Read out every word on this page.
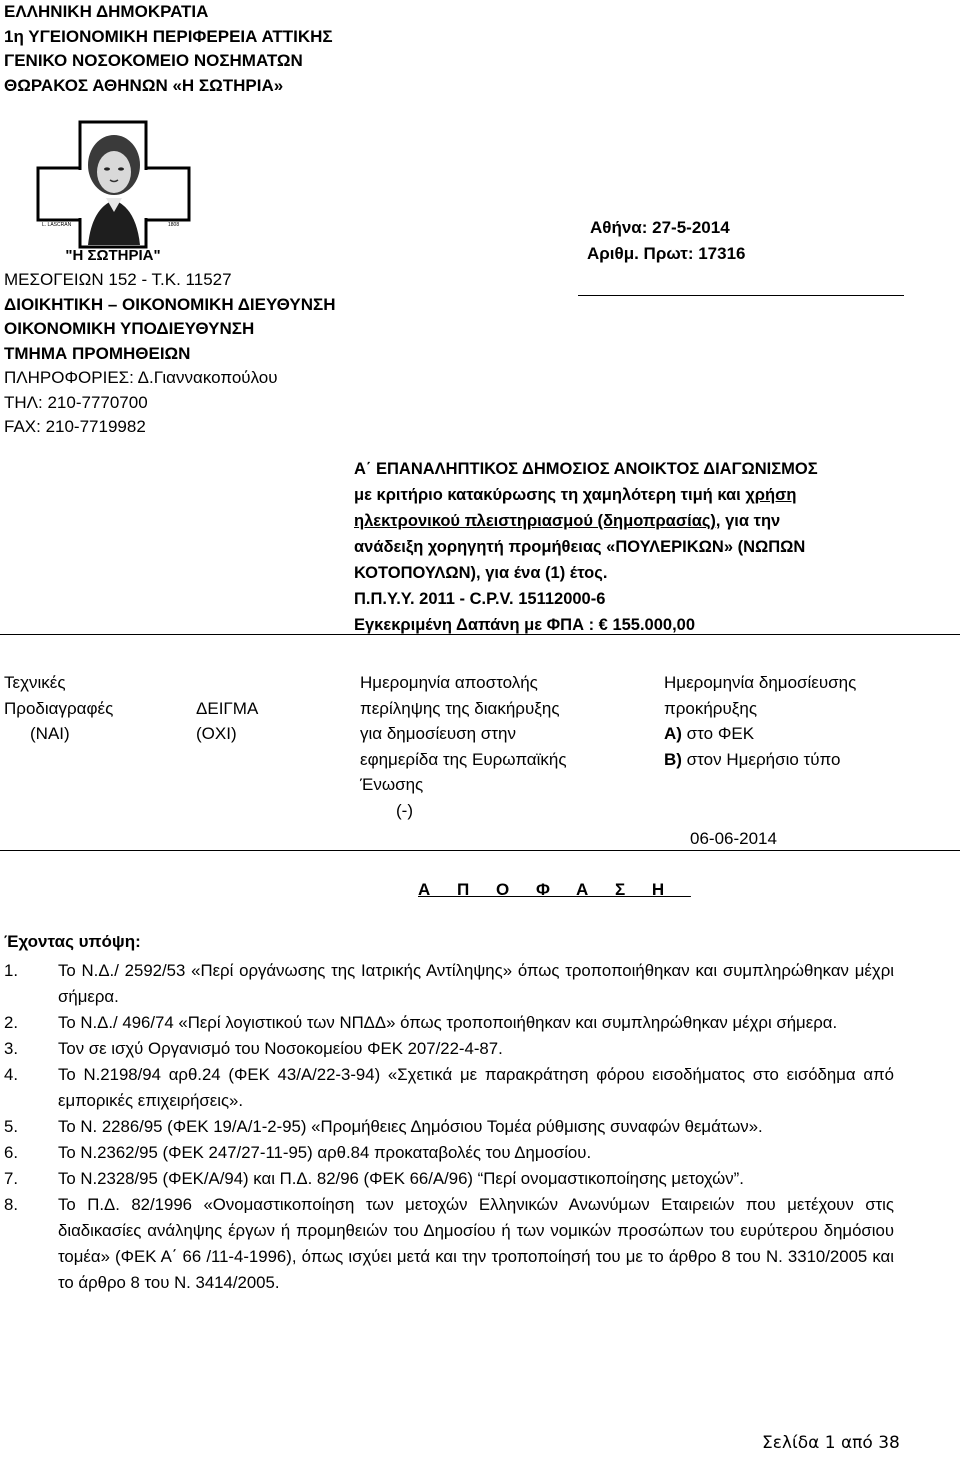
ΕΛΛΗΝΙΚΗ ΔΗΜΟΚΡΑΤΙΑ
1η ΥΓΕΙΟΝΟΜΙΚΗ ΠΕΡΙΦΕΡΕΙΑ ΑΤΤΙΚΗΣ
ΓΕΝΙΚΟ ΝΟΣΟΚΟΜΕΙΟ ΝΟΣΗΜΑΤΩΝ
ΘΩΡΑΚΟΣ ΑΘΗΝΩΝ «Η ΣΩΤΗΡΙΑ»
L. LASCRAN	1808
"Η ΣΩΤΗΡΙΑ"
ΜΕΣΟΓΕΙΩΝ 152 - Τ.Κ. 11527
ΔΙΟΙΚΗΤΙΚΗ – ΟΙΚΟΝΟΜΙΚΗ ΔΙΕΥΘΥΝΣΗ
ΟΙΚΟΝΟΜΙΚΗ ΥΠΟΔΙΕΥΘΥΝΣΗ
ΤΜΗΜΑ ΠΡΟΜΗΘΕΙΩΝ
ΠΛΗΡΟΦΟΡΙΕΣ: Δ.Γιαννακοπούλου
ΤΗΛ: 210-7770700
FAX: 210-7719982
Αθήνα: 27-5-2014
Αριθμ. Πρωτ: 17316
Α΄ ΕΠΑΝΑΛΗΠΤΙΚΟΣ ΔΗΜΟΣΙΟΣ ΑΝΟΙΚΤΟΣ ΔΙΑΓΩΝΙΣΜΟΣ
με κριτήριο κατακύρωσης τη χαμηλότερη τιμή και χρήση
ηλεκτρονικού πλειστηριασμού (δημοπρασίας), για την
ανάδειξη χορηγητή προμήθειας «ΠΟΥΛΕΡΙΚΩΝ» (ΝΩΠΩΝ
ΚΟΤΟΠΟΥΛΩΝ), για ένα (1) έτος.
Π.Π.Υ.Υ. 2011 - C.P.V. 15112000-6
Εγκεκριμένη Δαπάνη με ΦΠΑ : € 155.000,00
Τεχνικές
Προδιαγραφές
(ΝΑΙ)
ΔΕΙΓΜΑ
(ΟΧΙ)
Ημερομηνία αποστολής
περίληψης της διακήρυξης
για δημοσίευση στην
εφημερίδα της Ευρωπαϊκής
Ένωσης
(-)
Ημερομηνία δημοσίευσης
προκήρυξης
Α) στο ΦΕΚ
Β) στον Ημερήσιο τύπο
06-06-2014
Α Π Ο Φ Α Σ Η
Έχοντας υπόψη:
1. Το Ν.Δ./ 2592/53 «Περί οργάνωσης της Ιατρικής Αντίληψης» όπως τροποποιήθηκαν και συμπληρώθηκαν μέχρι σήμερα.
2. Το Ν.Δ./ 496/74 «Περί λογιστικού των ΝΠΔΔ» όπως τροποποιήθηκαν και συμπληρώθηκαν μέχρι σήμερα.
3. Τον σε ισχύ Οργανισμό του Νοσοκομείου ΦΕΚ 207/22-4-87.
4. Το Ν.2198/94 αρθ.24 (ΦΕΚ 43/Α/22-3-94) «Σχετικά με παρακράτηση φόρου εισοδήματος στο εισόδημα από εμπορικές επιχειρήσεις».
5. Το Ν. 2286/95 (ΦΕΚ 19/Α/1-2-95) «Προμήθειες Δημόσιου Τομέα ρύθμισης συναφών θεμάτων».
6. Το Ν.2362/95 (ΦΕΚ 247/27-11-95) αρθ.84 προκαταβολές του Δημοσίου.
7. Το Ν.2328/95 (ΦΕΚ/Α/94) και Π.Δ. 82/96 (ΦΕΚ 66/Α/96) “Περί ονομαστικοποίησης μετοχών”.
8. Το Π.Δ. 82/1996 «Ονομαστικοποίηση των μετοχών Ελληνικών Ανωνύμων Εταιρειών που μετέχουν στις διαδικασίες ανάληψης έργων ή προμηθειών του Δημοσίου ή των νομικών προσώπων του ευρύτερου δημόσιου τομέα» (ΦΕΚ Α΄ 66 /11-4-1996), όπως ισχύει μετά και την τροποποίησή του με το άρθρο 8 του Ν. 3310/2005 και το άρθρο 8 του Ν. 3414/2005.
Σελίδα 1 από 38
